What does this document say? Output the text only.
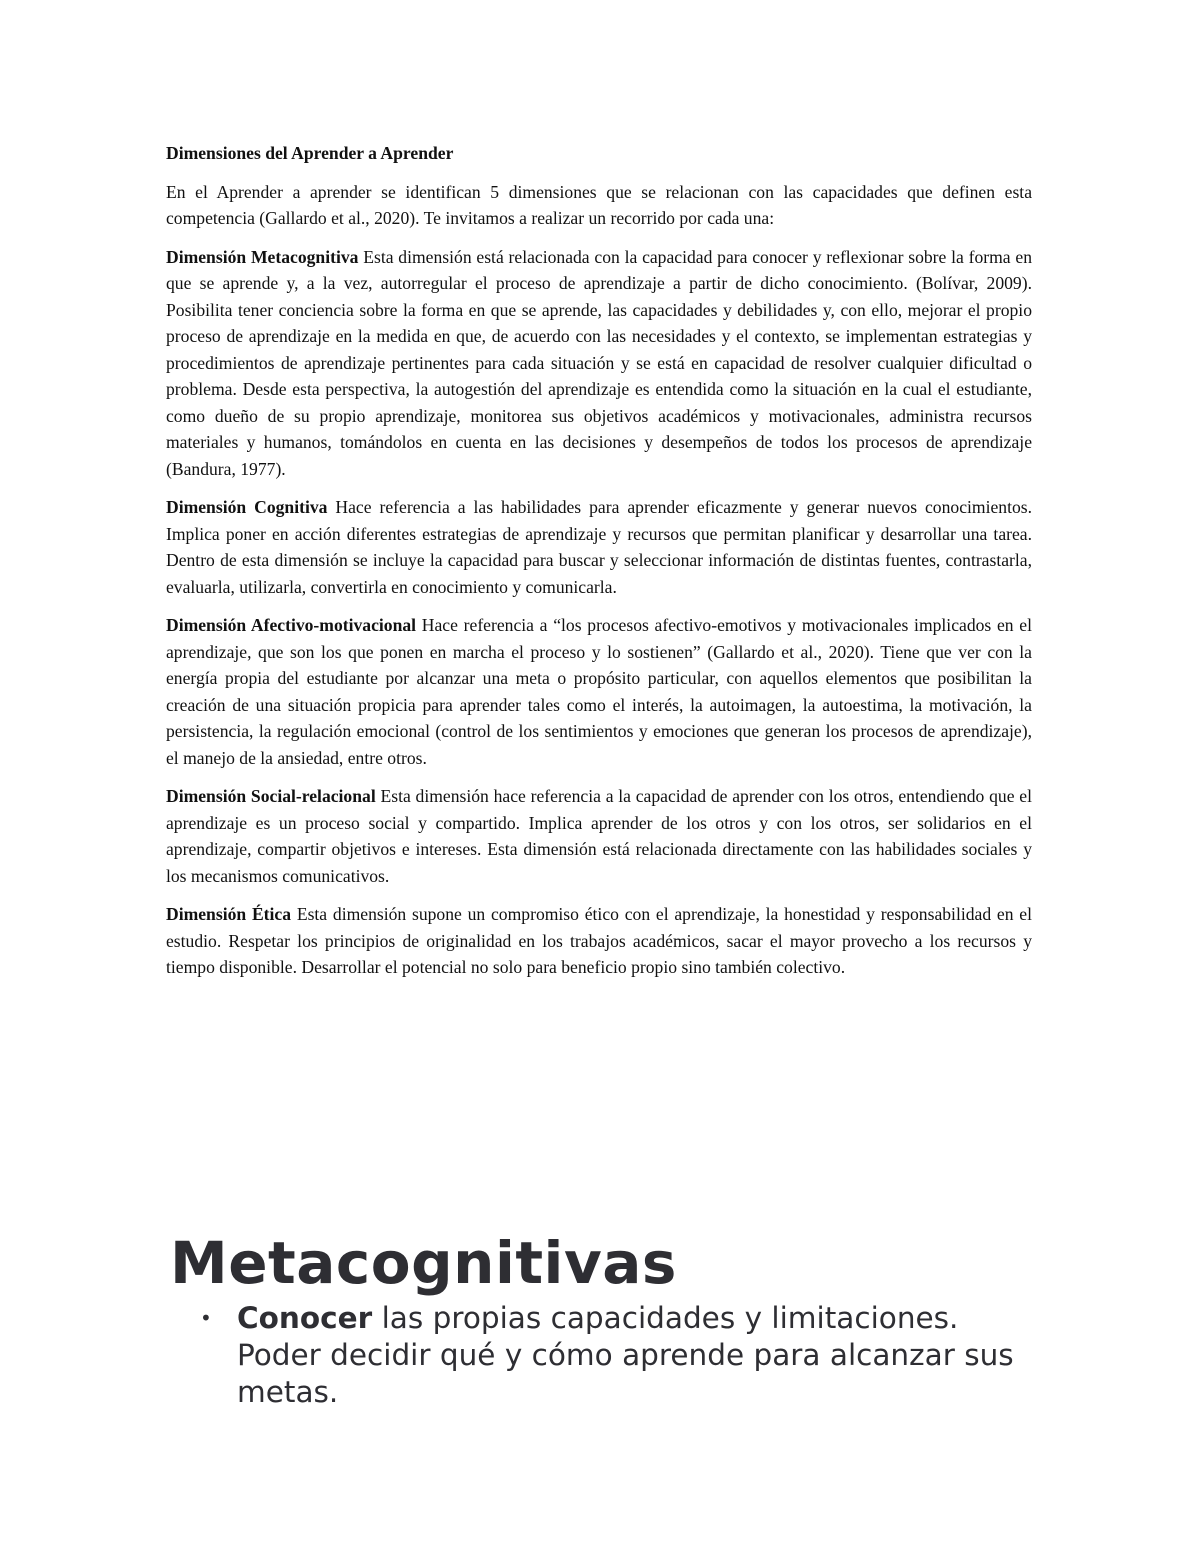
Dimensiones del Aprender a Aprender

En el Aprender a aprender se identifican 5 dimensiones que se relacionan con las capacidades que definen esta competencia (Gallardo et al., 2020). Te invitamos a realizar un recorrido por cada una:

Dimensión Metacognitiva Esta dimensión está relacionada con la capacidad para conocer y reflexionar sobre la forma en que se aprende y, a la vez, autorregular el proceso de aprendizaje a partir de dicho conocimiento. (Bolívar, 2009). Posibilita tener conciencia sobre la forma en que se aprende, las capacidades y debilidades y, con ello, mejorar el propio proceso de aprendizaje en la medida en que, de acuerdo con las necesidades y el contexto, se implementan estrategias y procedimientos de aprendizaje pertinentes para cada situación y se está en capacidad de resolver cualquier dificultad o problema. Desde esta perspectiva, la autogestión del aprendizaje es entendida como la situación en la cual el estudiante, como dueño de su propio aprendizaje, monitorea sus objetivos académicos y motivacionales, administra recursos materiales y humanos, tomándolos en cuenta en las decisiones y desempeños de todos los procesos de aprendizaje (Bandura, 1977).

Dimensión Cognitiva Hace referencia a las habilidades para aprender eficazmente y generar nuevos conocimientos. Implica poner en acción diferentes estrategias de aprendizaje y recursos que permitan planificar y desarrollar una tarea. Dentro de esta dimensión se incluye la capacidad para buscar y seleccionar información de distintas fuentes, contrastarla, evaluarla, utilizarla, convertirla en conocimiento y comunicarla.

Dimensión Afectivo-motivacional Hace referencia a “los procesos afectivo-emotivos y motivacionales implicados en el aprendizaje, que son los que ponen en marcha el proceso y lo sostienen” (Gallardo et al., 2020). Tiene que ver con la energía propia del estudiante por alcanzar una meta o propósito particular, con aquellos elementos que posibilitan la creación de una situación propicia para aprender tales como el interés, la autoimagen, la autoestima, la motivación, la persistencia, la regulación emocional (control de los sentimientos y emociones que generan los procesos de aprendizaje), el manejo de la ansiedad, entre otros.

Dimensión Social-relacional Esta dimensión hace referencia a la capacidad de aprender con los otros, entendiendo que el aprendizaje es un proceso social y compartido. Implica aprender de los otros y con los otros, ser solidarios en el aprendizaje, compartir objetivos e intereses. Esta dimensión está relacionada directamente con las habilidades sociales y los mecanismos comunicativos.

Dimensión Ética Esta dimensión supone un compromiso ético con el aprendizaje, la honestidad y responsabilidad en el estudio. Respetar los principios de originalidad en los trabajos académicos, sacar el mayor provecho a los recursos y tiempo disponible. Desarrollar el potencial no solo para beneficio propio sino también colectivo.

Metacognitivas
• Conocer las propias capacidades y limitaciones. Poder decidir qué y cómo aprende para alcanzar sus metas.
